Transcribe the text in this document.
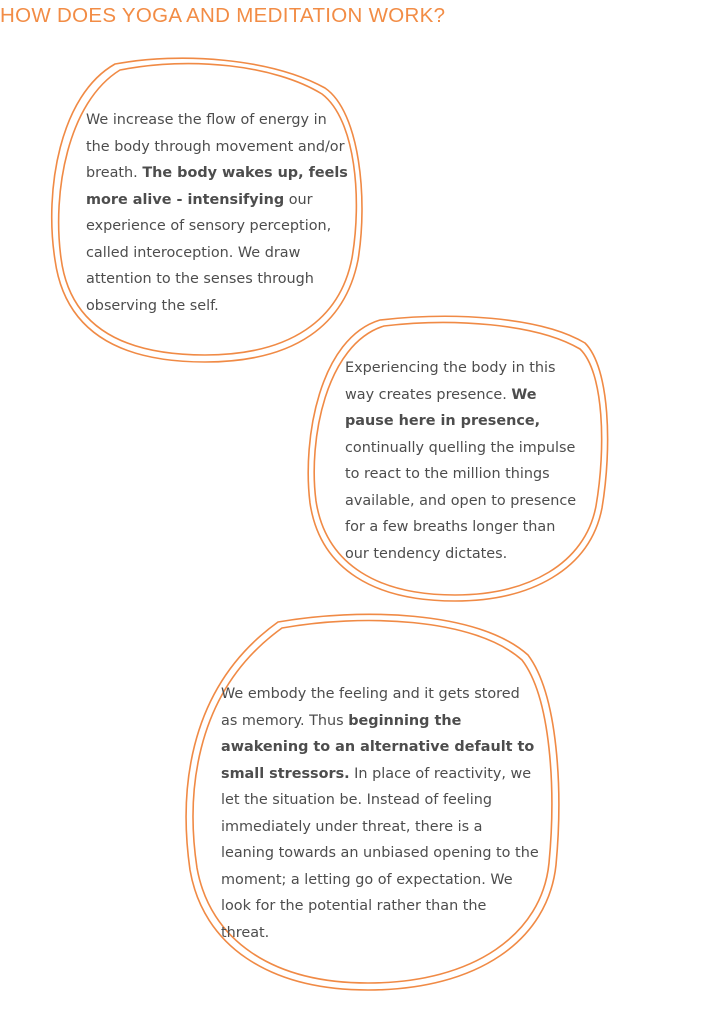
HOW DOES YOGA AND MEDITATION WORK?

We increase the flow of energy in the body through movement and/or breath. The body wakes up, feels more alive - intensifying our experience of sensory perception, called interoception. We draw attention to the senses through observing the self.

Experiencing the body in this way creates presence. We pause here in presence, continually quelling the impulse to react to the million things available, and open to presence for a few breaths longer than our tendency dictates.

We embody the feeling and it gets stored as memory. Thus beginning the awakening to an alternative default to small stressors. In place of reactivity, we let the situation be. Instead of feeling immediately under threat, there is a leaning towards an unbiased opening to the moment; a letting go of expectation. We look for the potential rather than the threat.
